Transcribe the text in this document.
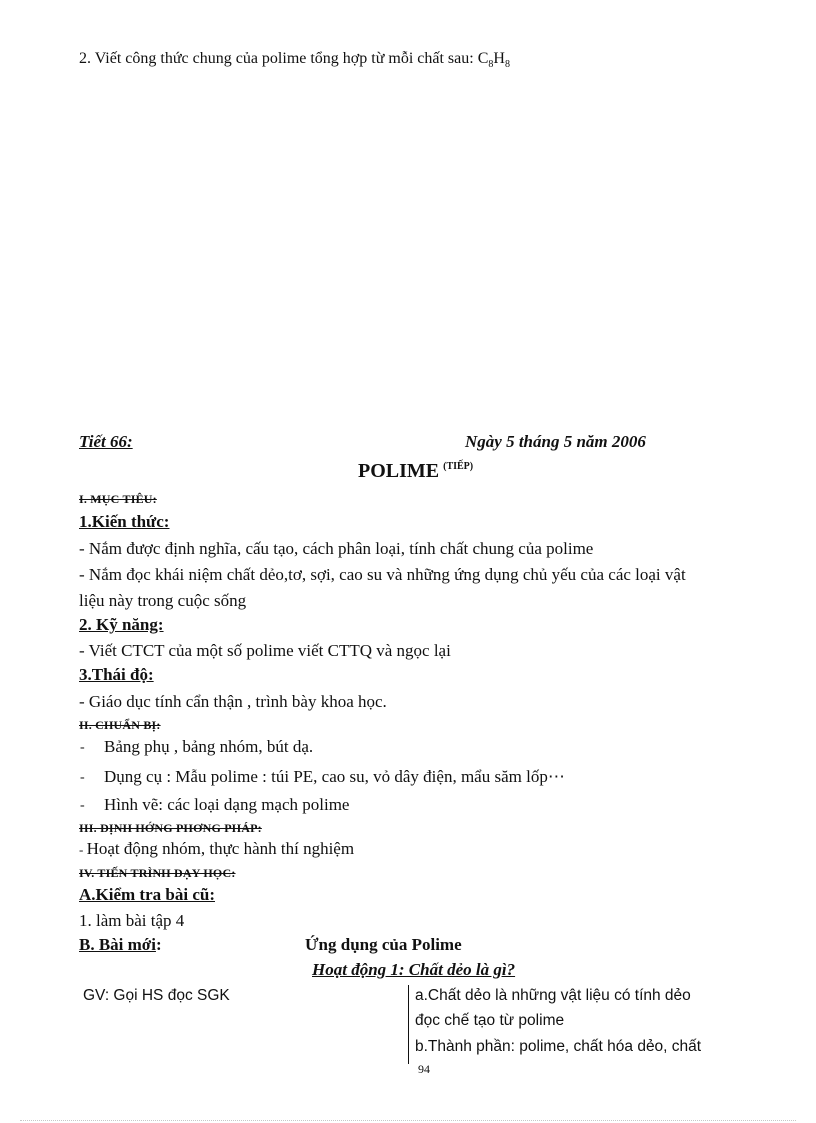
2. Viết công thức chung của polime tổng hợp từ mỗi chất sau: $C_8H_8$
Tiết 66:	Ngày 5 tháng 5 năm 2006
POLIME $^{(TIẾP)}$
I. MỤC TIÊU:
1.Kiến thức:
- Nắm được định nghĩa, cấu tạo, cách phân loại, tính chất chung của polime
- Nắm đọc khái niệm chất dẻo,tơ, sợi, cao su và những ứng dụng chủ yếu của các loại vật
liệu này trong cuộc sống
2. Kỹ năng:
- Viết CTCT của một số polime viết CTTQ và ngọc lại
3.Thái độ:
- Giáo dục tính cẩn thận , trình bày khoa học.
II. CHUẨN BỊ:
- Bảng phụ , bảng nhóm, bút dạ.
- Dụng cụ : Mẫu polime : túi PE, cao su, vỏ dây điện, mẩu săm lốp⋯
- Hình vẽ: các loại dạng mạch polime
III. ĐỊNH HỚNG PHƠNG PHÁP:
- Hoạt động nhóm, thực hành thí nghiệm
IV. TIẾN TRÌNH DẠY HỌC:
A.Kiểm tra bài cũ:
1. làm bài tập 4
B. Bài mới:	Ứng dụng của Polime
Hoạt động 1: Chất dẻo là gì?
GV: Gọi HS đọc SGK	a.Chất dẻo là những vật liệu có tính dẻo
đọc chế tạo từ polime
b.Thành phần: polime, chất hóa dẻo, chất
94
